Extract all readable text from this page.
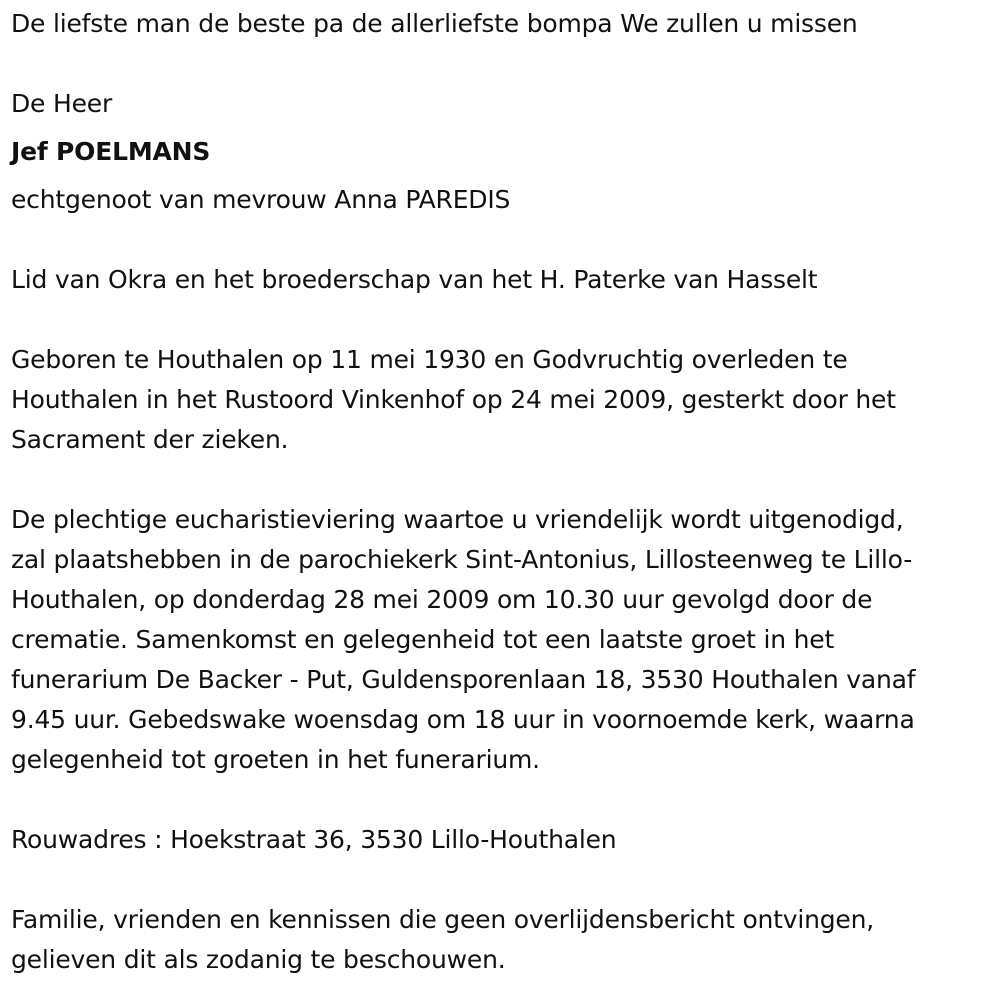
De liefste man de beste pa de allerliefste bompa We zullen u missen

De Heer

Jef POELMANS

echtgenoot van mevrouw Anna PAREDIS

Lid van Okra en het broederschap van het H. Paterke van Hasselt

Geboren te Houthalen op 11 mei 1930 en Godvruchtig overleden te
Houthalen in het Rustoord Vinkenhof op 24 mei 2009, gesterkt door het
Sacrament der zieken.

De plechtige eucharistieviering waartoe u vriendelijk wordt uitgenodigd,
zal plaatshebben in de parochiekerk Sint-Antonius, Lillosteenweg te Lillo-
Houthalen, op donderdag 28 mei 2009 om 10.30 uur gevolgd door de
crematie. Samenkomst en gelegenheid tot een laatste groet in het
funerarium De Backer - Put, Guldensporenlaan 18, 3530 Houthalen vanaf
9.45 uur. Gebedswake woensdag om 18 uur in voornoemde kerk, waarna
gelegenheid tot groeten in het funerarium.

Rouwadres : Hoekstraat 36, 3530 Lillo-Houthalen

Familie, vrienden en kennissen die geen overlijdensbericht ontvingen,
gelieven dit als zodanig te beschouwen.
